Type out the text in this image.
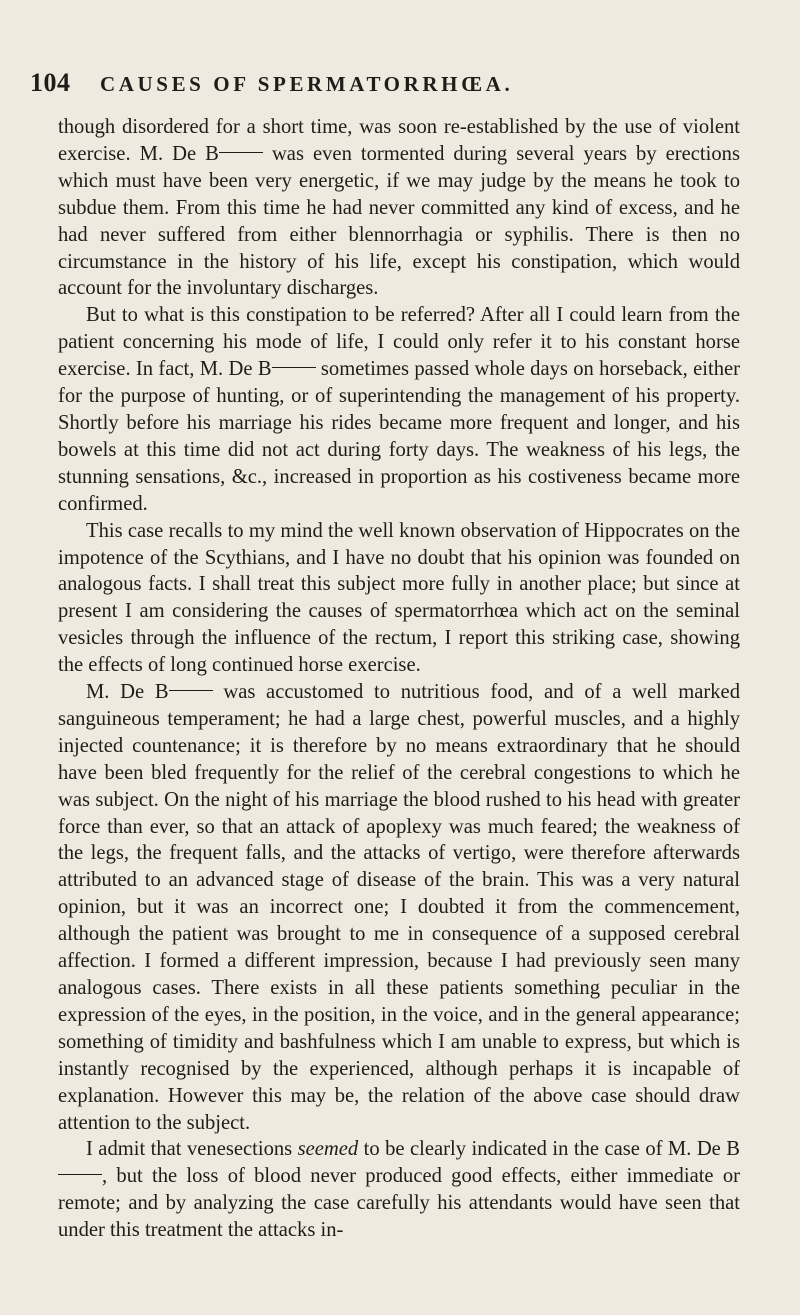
104 CAUSES OF SPERMATORRHŒA.

though disordered for a short time, was soon re-established by the use of violent exercise. M. De B	was even tormented during several years by erections which must have been very energetic, if we may judge by the means he took to subdue them. From this time he had never committed any kind of excess, and he had never suffered from either blennorrhagia or syphilis. There is then no circumstance in the history of his life, except his constipation, which would account for the involuntary discharges.

But to what is this constipation to be referred? After all I could learn from the patient concerning his mode of life, I could only refer it to his constant horse exercise. In fact, M. De B sometimes passed whole days on horseback, either for the purpose of hunting, or of superintending the management of his property. Shortly before his marriage his rides became more frequent and longer, and his bowels at this time did not act during forty days. The weakness of his legs, the stunning sensations, &c., increased in proportion as his costiveness became more confirmed.

This case recalls to my mind the well known observation of Hippocrates on the impotence of the Scythians, and I have no doubt that his opinion was founded on analogous facts. I shall treat this subject more fully in another place; but since at present I am considering the causes of spermatorrhœa which act on the seminal vesicles through the influence of the rectum, I report this striking case, showing the effects of long continued horse exercise.

M. De B	was accustomed to nutritious food, and of a well marked sanguineous temperament; he had a large chest, powerful muscles, and a highly injected countenance; it is therefore by no means extraordinary that he should have been bled frequently for the relief of the cerebral congestions to which he was subject. On the night of his marriage the blood rushed to his head with greater force than ever, so that an attack of apoplexy was much feared; the weakness of the legs, the frequent falls, and the attacks of vertigo, were therefore afterwards attributed to an advanced stage of disease of the brain. This was a very natural opinion, but it was an incorrect one; I doubted it from the commencement, although the patient was brought to me in consequence of a supposed cerebral affection. I formed a different impression, because I had previously seen many analogous cases. There exists in all these patients something peculiar in the expression of the eyes, in the position, in the voice, and in the general appearance; something of timidity and bashfulness which I am unable to express, but which is instantly recognised by the experienced, although perhaps it is incapable of explanation. However this may be, the relation of the above case should draw attention to the subject.

I admit that venesections seemed to be clearly indicated in the case of M. De B, but the loss of blood never produced good effects, either immediate or remote; and by analyzing the case carefully his attendants would have seen that under this treatment the attacks in-
